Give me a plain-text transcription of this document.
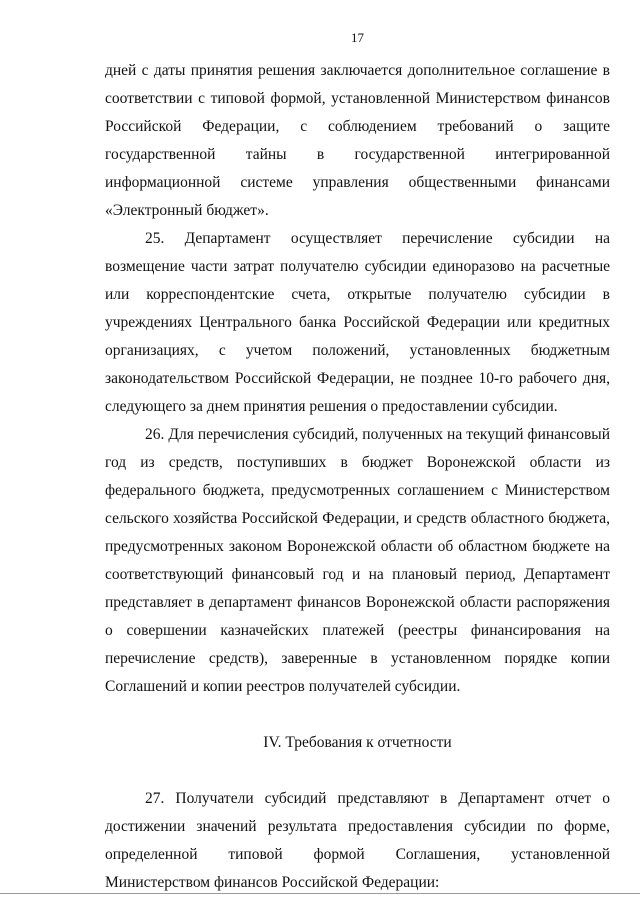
17

дней с даты принятия решения заключается дополнительное соглашение в соответствии с типовой формой, установленной Министерством финансов Российской Федерации, с соблюдением требований о защите государственной тайны в государственной интегрированной информационной системе управления общественными финансами «Электронный бюджет».

25. Департамент осуществляет перечисление субсидии на возмещение части затрат получателю субсидии единоразово на расчетные или корреспондентские счета, открытые получателю субсидии в учреждениях Центрального банка Российской Федерации или кредитных организациях, с учетом положений, установленных бюджетным законодательством Российской Федерации, не позднее 10-го рабочего дня, следующего за днем принятия решения о предоставлении субсидии.

26. Для перечисления субсидий, полученных на текущий финансовый год из средств, поступивших в бюджет Воронежской области из федерального бюджета, предусмотренных соглашением с Министерством сельского хозяйства Российской Федерации, и средств областного бюджета, предусмотренных законом Воронежской области об областном бюджете на соответствующий финансовый год и на плановый период, Департамент представляет в департамент финансов Воронежской области распоряжения о совершении казначейских платежей (реестры финансирования на перечисление средств), заверенные в установленном порядке копии Соглашений и копии реестров получателей субсидии.

IV. Требования к отчетности

27. Получатели субсидий представляют в Департамент отчет о достижении значений результата предоставления субсидии по форме, определенной типовой формой Соглашения, установленной Министерством финансов Российской Федерации:
